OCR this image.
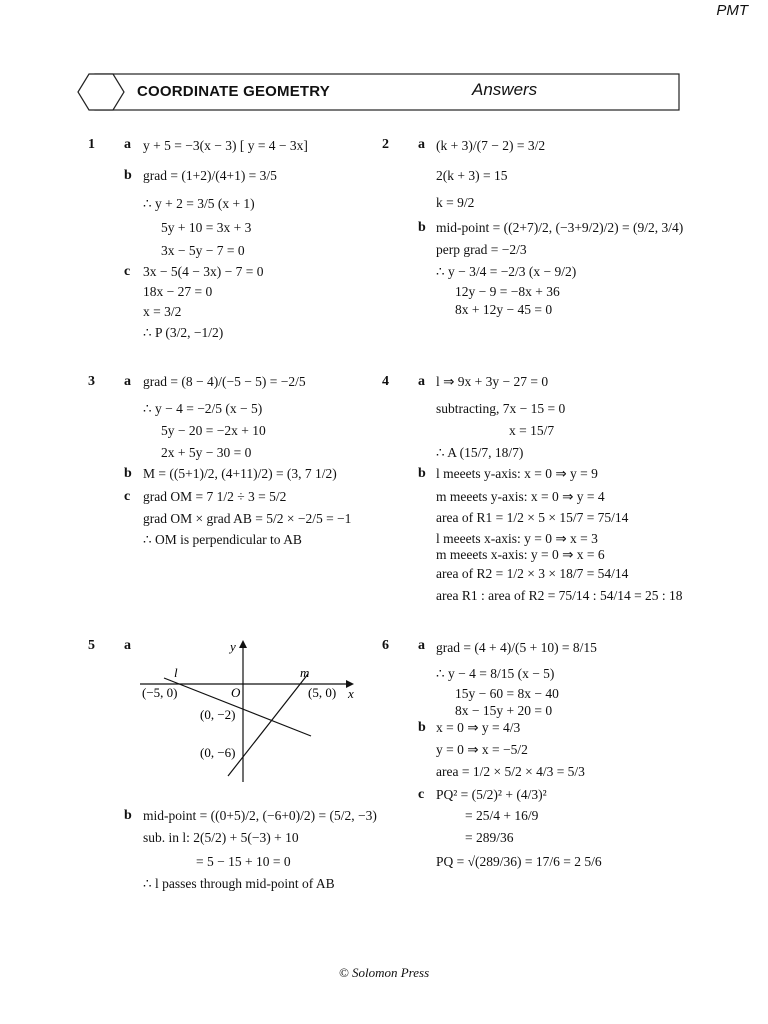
PMT
COORDINATE GEOMETRY	Answers
1 a y + 5 = −3(x − 3) [ y = 4 − 3x]
b grad = (1+2)/(4+1) = 3/5
∴ y + 2 = 3/5 (x + 1)
5y + 10 = 3x + 3
3x − 5y − 7 = 0
c 3x − 5(4 − 3x) − 7 = 0
18x − 27 = 0
x = 3/2
∴ P (3/2, −1/2)
2 a (k + 3)/(7 − 2) = 3/2
2(k + 3) = 15
k = 9/2
b mid-point = ((2+7)/2, (−3+9/2)/2) = (9/2, 3/4)
perp grad = −2/3
∴ y − 3/4 = −2/3 (x − 9/2)
12y − 9 = −8x + 36
8x + 12y − 45 = 0
3 a grad = (8 − 4)/(−5 − 5) = −2/5
∴ y − 4 = −2/5 (x − 5)
5y − 20 = −2x + 10
2x + 5y − 30 = 0
b M = ((5+1)/2, (4+11)/2) = (3, 7 1/2)
c grad OM = 7 1/2 ÷ 3 = 5/2
grad OM × grad AB = 5/2 × −2/5 = −1
∴ OM is perpendicular to AB
4 a l ⇒ 9x + 3y − 27 = 0
subtracting, 7x − 15 = 0
x = 15/7
∴ A (15/7, 18/7)
b l meeets y-axis: x = 0 ⇒ y = 9
m meeets y-axis: x = 0 ⇒ y = 4
area of R1 = 1/2 × 5 × 15/7 = 75/14
l meeets x-axis: y = 0 ⇒ x = 3
m meeets x-axis: y = 0 ⇒ x = 6
area of R2 = 1/2 × 3 × 18/7 = 54/14
area R1 : area of R2 = 75/14 : 54/14 = 25 : 18
5 a	y
x
O
l	m
(−5, 0)	(5, 0)
(0, −2)
(0, −6)
b mid-point = ((0+5)/2, (−6+0)/2) = (5/2, −3)
sub. in l: 2(5/2) + 5(−3) + 10
= 5 − 15 + 10 = 0
∴ l passes through mid-point of AB
6 a grad = (4 + 4)/(5 + 10) = 8/15
∴ y − 4 = 8/15 (x − 5)
15y − 60 = 8x − 40
8x − 15y + 20 = 0
b x = 0 ⇒ y = 4/3
y = 0 ⇒ x = −5/2
area = 1/2 × 5/2 × 4/3 = 5/3
c PQ² = (5/2)² + (4/3)²
= 25/4 + 16/9
= 289/36
PQ = √(289/36) = 17/6 = 2 5/6
© Solomon Press
